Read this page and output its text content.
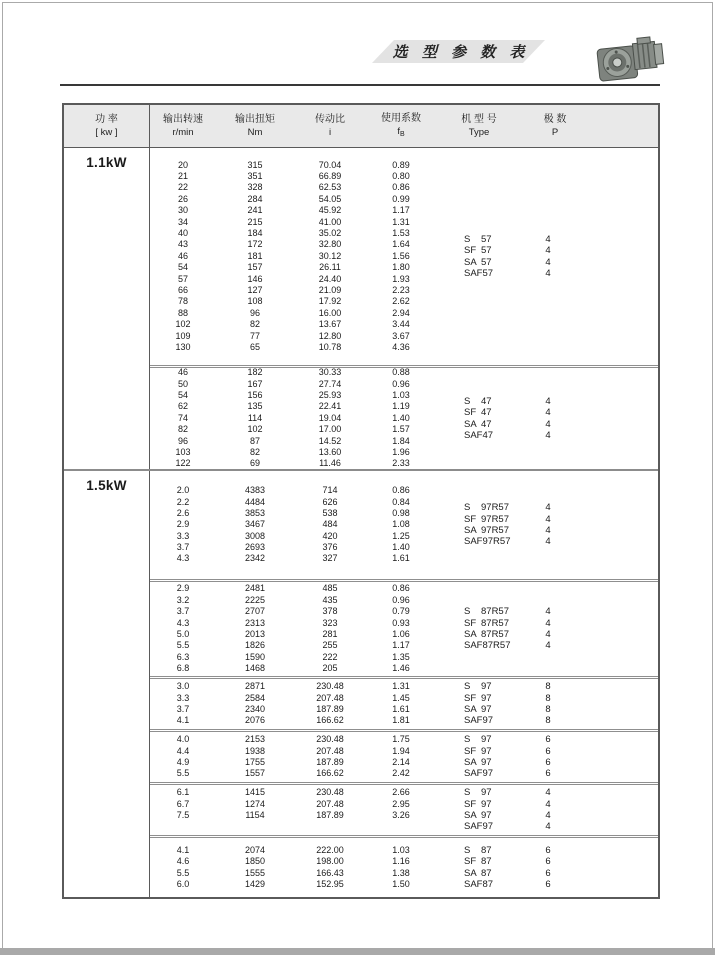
选 型 参 数 表
功 率
[ kw ]
输出转速
r/min
输出扭矩
Nm
传动比
i
使用系数
$f_B$
机 型 号
Type
极 数
P
1.1kW	20
21
22
26
30
34
40
43
46
54
57
66
78
88
102
109
130
315
351
328
284
241
215
184
172
181
157
146
127
108
96
82
77
65
70.04
66.89
62.53
54.05
45.92
41.00
35.02
32.80
30.12
26.11
24.40
21.09
17.92
16.00
13.67
12.80
10.78
0.89
0.80
0.86
0.99
1.17
1.31
1.53
1.64
1.56
1.80
1.93
2.23
2.62
2.94
3.44
3.67
4.36
S 57
SF 57
SA 57
SAF57
4
4
4
4
46
50
54
62
74
82
96
103
122
182
167
156
135
114
102
87
82
69
30.33
27.74
25.93
22.41
19.04
17.00
14.52
13.60
11.46
0.88
0.96
1.03
1.19
1.40
1.57
1.84
1.96
2.33
S 47
SF 47
SA 47
SAF47
4
4
4
4
1.5kW	2.0
2.2
2.6
2.9
3.3
3.7
4.3
4383
4484
3853
3467
3008
2693
2342
714
626
538
484
420
376
327
0.86
0.84
0.98
1.08
1.25
1.40
1.61
S 97R57
SF 97R57
SA 97R57
SAF97R57
4
4
4
4
2.9
3.2
3.7
4.3
5.0
5.5
6.3
6.8
2481
2225
2707
2313
2013
1826
1590
1468
485
435
378
323
281
255
222
205
0.86
0.96
0.79
0.93
1.06
1.17
1.35
1.46
S 87R57
SF 87R57
SA 87R57
SAF87R57
4
4
4
4
3.0
3.3
3.7
4.1
2871
2584
2340
2076
230.48
207.48
187.89
166.62
1.31
1.45
1.61
1.81
S 97
SF 97
SA 97
SAF97
8
8
8
8
4.0
4.4
4.9
5.5
2153
1938
1755
1557
230.48
207.48
187.89
166.62
1.75
1.94
2.14
2.42
S 97
SF 97
SA 97
SAF97
6
6
6
6
6.1
6.7
7.5

1415
1274
1154

230.48
207.48
187.89

2.66
2.95
3.26

S 97
SF 97
SA 97
SAF97
4
4
4
4
4.1
4.6
5.5
6.0
2074
1850
1555
1429
222.00
198.00
166.43
152.95
1.03
1.16
1.38
1.50
S 87
SF 87
SA 87
SAF87
6
6
6
6
